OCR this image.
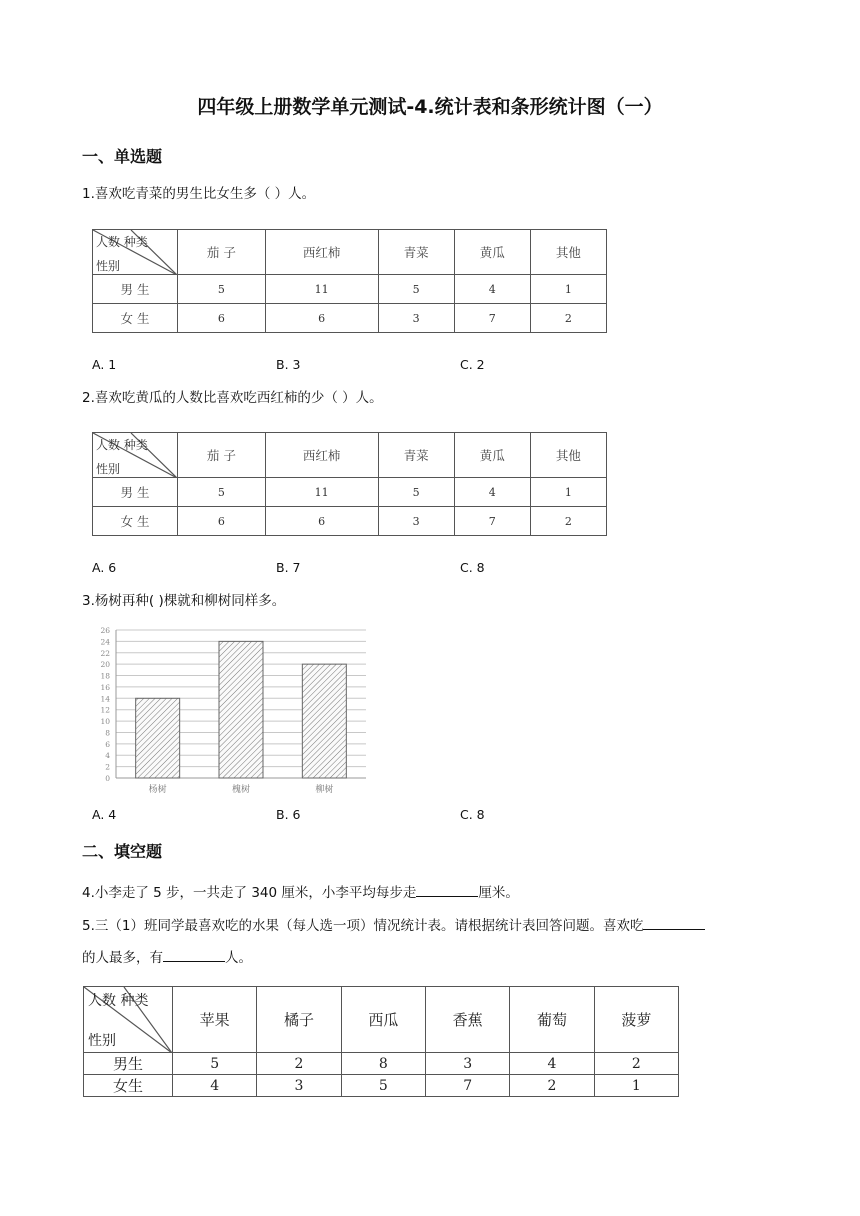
四年级上册数学单元测试-4.统计表和条形统计图（一）
一、单选题
1.喜欢吃青菜的男生比女生多（ ）人。
人数 种类
性别	茄 子	西红柿	青菜	黄瓜	其他
男 生	5	11	5	4	1
女 生	6	6	3	7	2
A. 1	B. 3	C. 2
2.喜欢吃黄瓜的人数比喜欢吃西红柿的少（ ）人。
人数 种类
性别	茄 子	西红柿	青菜	黄瓜	其他
男 生	5	11	5	4	1
女 生	6	6	3	7	2
A. 6	B. 7	C. 8
3.杨树再种( )棵就和柳树同样多。
0
2
4
6
8
10
12
14
16
18
20
22
24
26
杨树	槐树	柳树
A. 4	B. 6	C. 8
二、填空题
4.小李走了 5 步，一共走了 340 厘米，小李平均每步走	厘米。
5.三（1）班同学最喜欢吃的水果（每人选一项）情况统计表。请根据统计表回答问题。喜欢吃
的人最多，有	人。
人数 种类
性别	苹果	橘子	西瓜	香蕉	葡萄	菠萝
男生	5	2	8	3	4	2
女生	4	3	5	7	2	1
